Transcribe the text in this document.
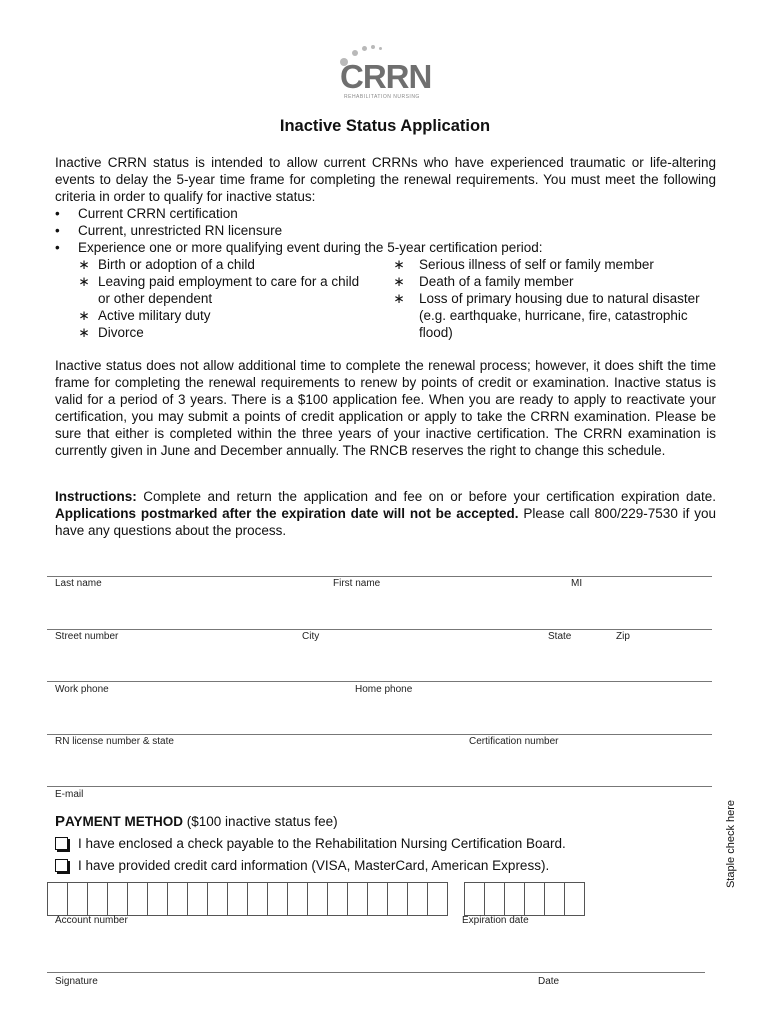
CRRN
REHABILITATION NURSING
Inactive Status Application
Inactive CRRN status is intended to allow current CRRNs who have experienced traumatic or life-altering events to delay the 5-year time frame for completing the renewal requirements. You must meet the following criteria in order to qualify for inactive status:
•	Current CRRN certification
•	Current, unrestricted RN licensure
•	Experience one or more qualifying event during the 5-year certification period:
∗ Birth or adoption of a child
∗ Leaving paid employment to care for a child
or other dependent
∗ Active military duty
∗ Divorce
∗ Serious illness of self or family member
∗ Death of a family member
∗ Loss of primary housing due to natural disaster
(e.g. earthquake, hurricane, fire, catastrophic
flood)
Inactive status does not allow additional time to complete the renewal process; however, it does shift the time frame for completing the renewal requirements to renew by points of credit or examination. Inactive status is valid for a period of 3 years. There is a $100 application fee. When you are ready to apply to reactivate your certification, you may submit a points of credit application or apply to take the CRRN examination. Please be sure that either is completed within the three years of your inactive certification. The CRRN examination is currently given in June and December annually. The RNCB reserves the right to change this schedule.
Instructions: Complete and return the application and fee on or before your certification expiration date. Applications postmarked after the expiration date will not be accepted. Please call 800/229-7530 if you have any questions about the process.
Last name	First name	MI
Street number	City	State	Zip
Work phone	Home phone
RN license number & state	Certification number
E-mail
PAYMENT METHOD ($100 inactive status fee)
I have enclosed a check payable to the Rehabilitation Nursing Certification Board.
I have provided credit card information (VISA, MasterCard, American Express).
Account number	Expiration date
Signature	Date
Staple check here
